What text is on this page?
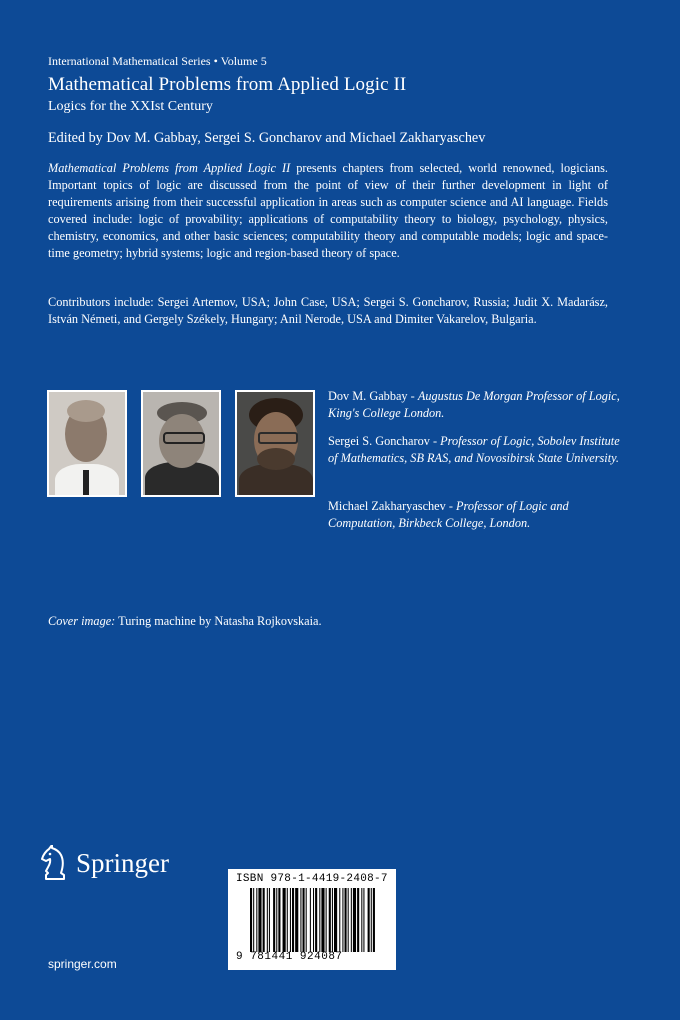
International Mathematical Series • Volume 5
Mathematical Problems from Applied Logic II
Logics for the XXIst Century
Edited by Dov M. Gabbay, Sergei S. Goncharov and Michael Zakharyaschev
Mathematical Problems from Applied Logic II presents chapters from selected, world renowned, logicians. Important topics of logic are discussed from the point of view of their further development in light of requirements arising from their successful application in areas such as computer science and AI language. Fields covered include: logic of provability; applications of computability theory to biology, psychology, physics, chemistry, economics, and other basic sciences; computability theory and computable models; logic and space-time geometry; hybrid systems; logic and region-based theory of space.
Contributors include: Sergei Artemov, USA; John Case, USA; Sergei S. Goncharov, Russia; Judit X. Madarász, István Németi, and Gergely Székely, Hungary; Anil Nerode, USA and Dimiter Vakarelov, Bulgaria.
Dov M. Gabbay - Augustus De Morgan Professor of Logic, King's College London.
Sergei S. Goncharov - Professor of Logic, Sobolev Institute of Mathematics, SB RAS, and Novosibirsk State University.
Michael Zakharyaschev - Professor of Logic and Computation, Birkbeck College, London.
Cover image: Turing machine by Natasha Rojkovskaia.
Springer
springer.com
ISBN 978-1-4419-2408-7
9 781441 924087
